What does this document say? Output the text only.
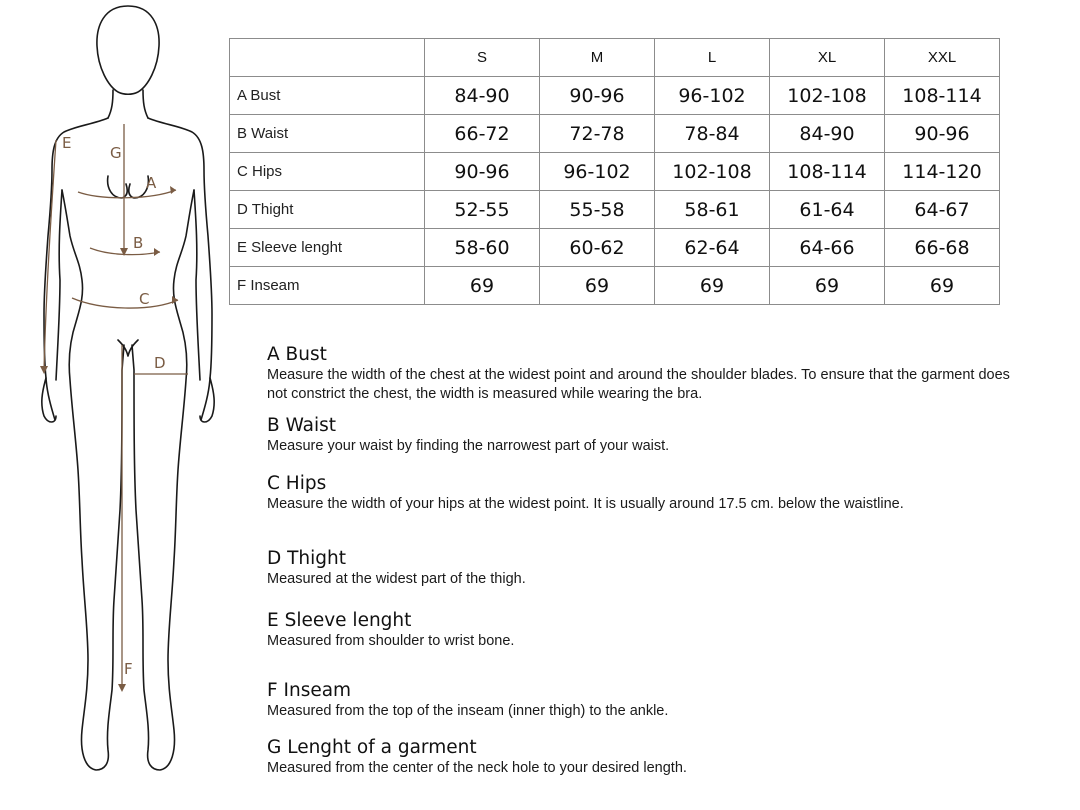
E
G
A
B
C
D
F
	S	M	L	XL	XXL
A Bust	84-90	90-96	96-102	102-108	108-114
B Waist	66-72	72-78	78-84	84-90	90-96
C Hips	90-96	96-102	102-108	108-114	114-120
D Thight	52-55	55-58	58-61	61-64	64-67
E Sleeve lenght	58-60	60-62	62-64	64-66	66-68
F Inseam	69	69	69	69	69
A Bust

Measure the width of the chest at the widest point and around the shoulder blades. To ensure that the garment does not constrict the chest, the width is measured while wearing the bra.

B Waist

Measure your waist by finding the narrowest part of your waist.

C Hips

Measure the width of your hips at the widest point. It is usually around 17.5 cm. below the waistline.

D Thight

Measured at the widest part of the thigh.

E Sleeve lenght

Measured from shoulder to wrist bone.

F Inseam

Measured from the top of the inseam (inner thigh) to the ankle.

G Lenght of a garment

Measured from the center of the neck hole to your desired length.
